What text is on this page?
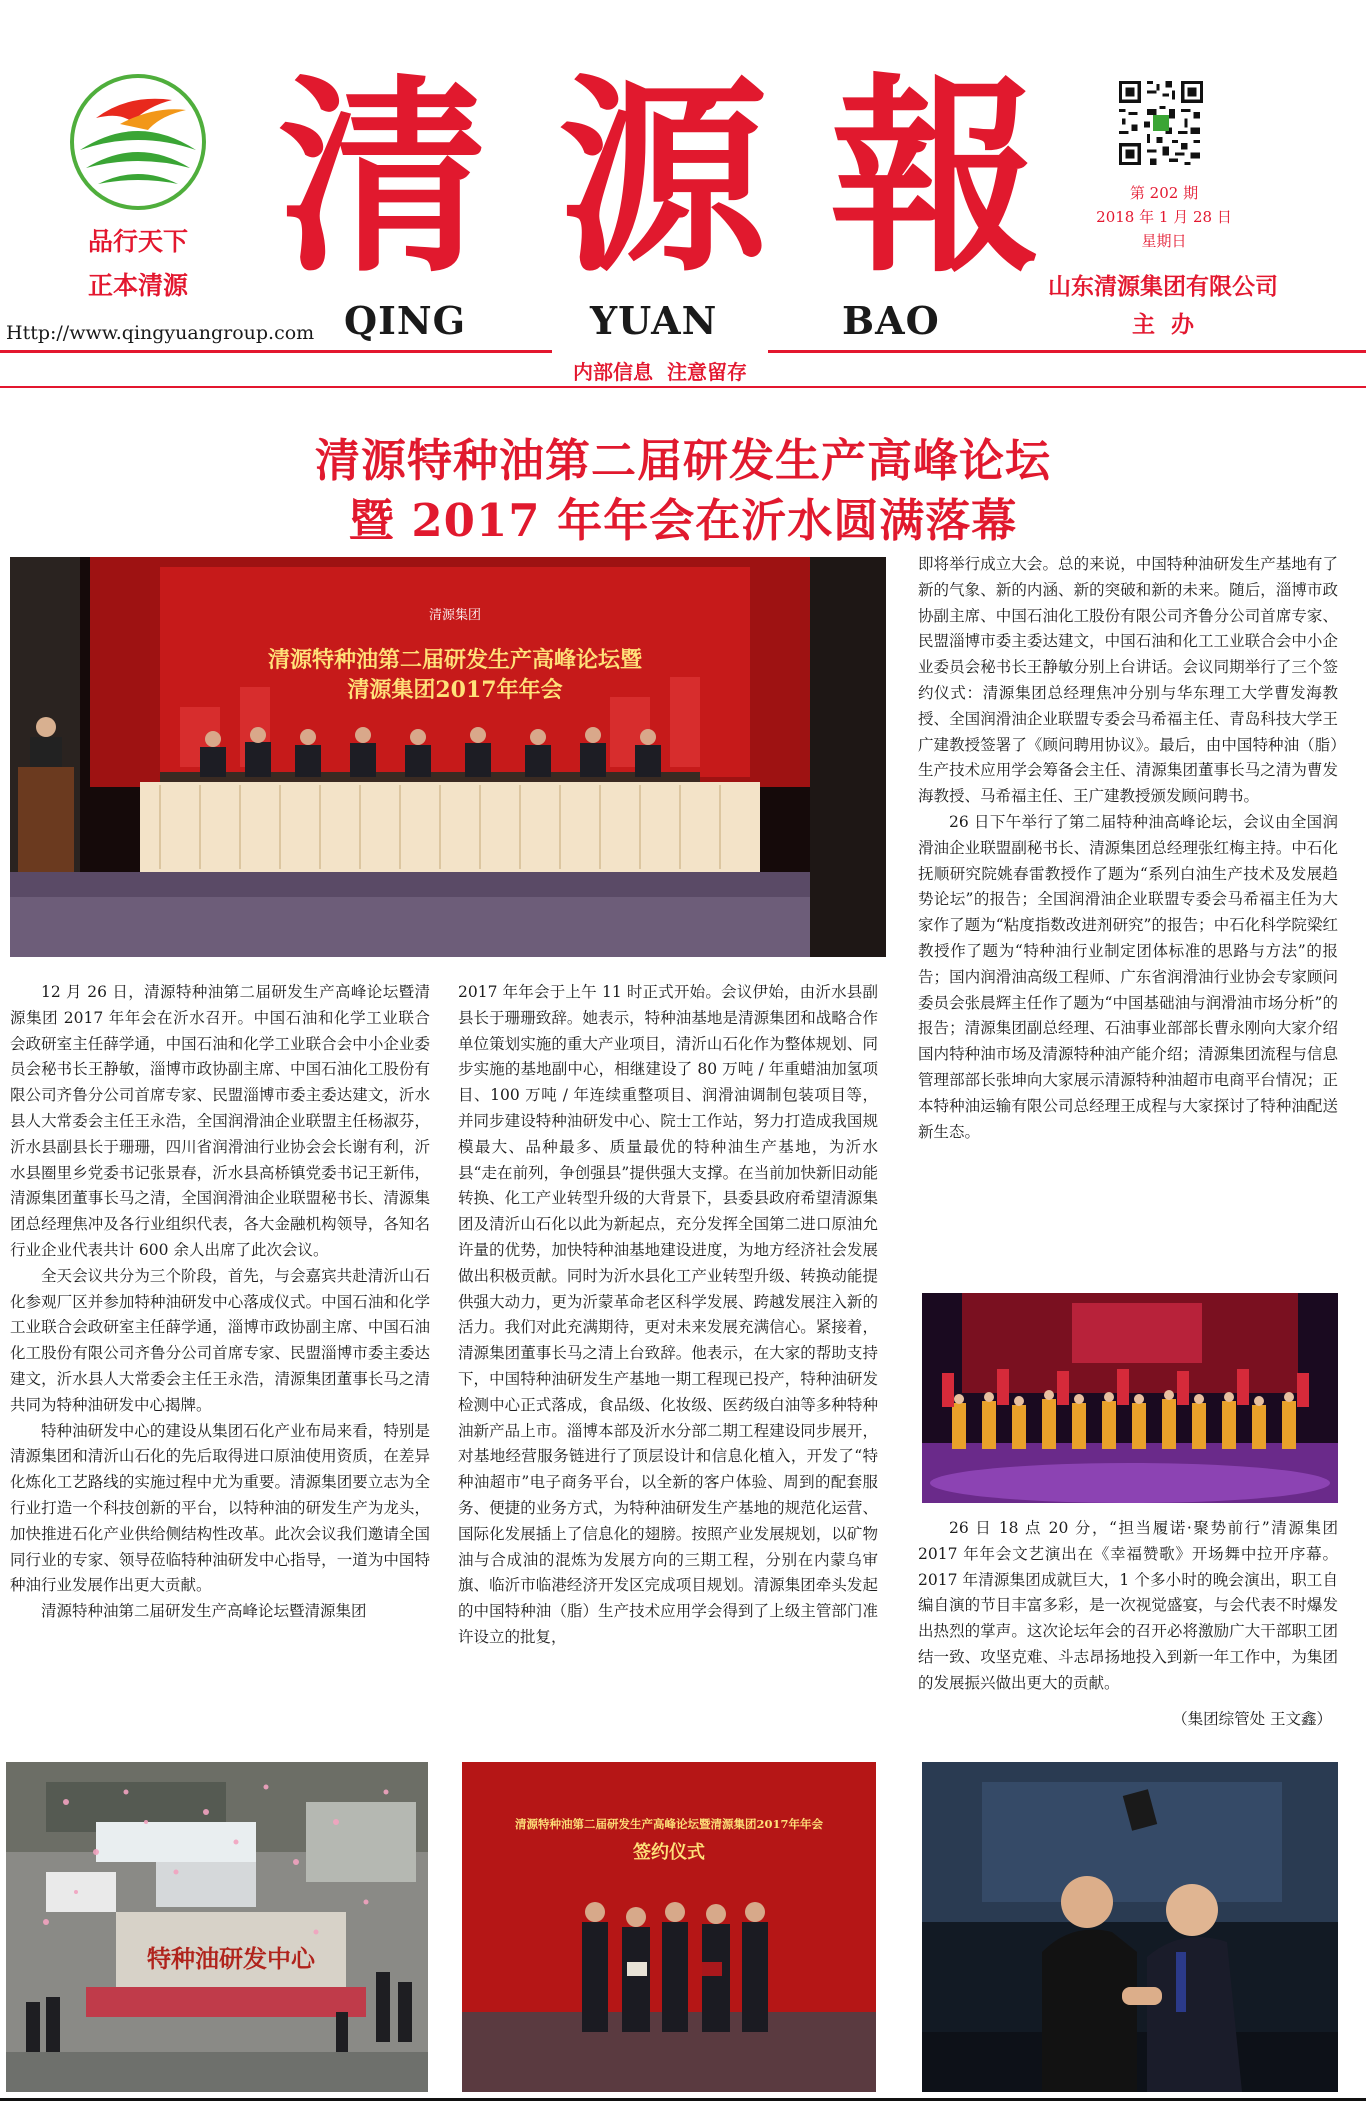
品行天下
正本清源
Http://www.qingyuangroup.com
清 源 報
QING	YUAN	BAO
第 202 期
2018 年 1 月 28 日
星期日
山东清源集团有限公司
主  办
内部信息  注意留存
清源特种油第二届研发生产高峰论坛
暨 2017 年年会在沂水圆满落幕
清源集团
清源特种油第二届研发生产高峰论坛暨
清源集团2017年年会

12 月 26 日，清源特种油第二届研发生产高峰论坛暨清源集团 2017 年年会在沂水召开。中国石油和化学工业联合会政研室主任薛学通，中国石油和化学工业联合会中小企业委员会秘书长王静敏，淄博市政协副主席、中国石油化工股份有限公司齐鲁分公司首席专家、民盟淄博市委主委达建文，沂水县人大常委会主任王永浩，全国润滑油企业联盟主任杨淑芬，沂水县副县长于珊珊，四川省润滑油行业协会会长谢有利，沂水县圈里乡党委书记张景春，沂水县高桥镇党委书记王新伟，清源集团董事长马之清，全国润滑油企业联盟秘书长、清源集团总经理焦冲及各行业组织代表，各大金融机构领导，各知名行业企业代表共计 600 余人出席了此次会议。

全天会议共分为三个阶段，首先，与会嘉宾共赴清沂山石化参观厂区并参加特种油研发中心落成仪式。中国石油和化学工业联合会政研室主任薛学通，淄博市政协副主席、中国石油化工股份有限公司齐鲁分公司首席专家、民盟淄博市委主委达建文，沂水县人大常委会主任王永浩，清源集团董事长马之清共同为特种油研发中心揭牌。

特种油研发中心的建设从集团石化产业布局来看，特别是清源集团和清沂山石化的先后取得进口原油使用资质，在差异化炼化工艺路线的实施过程中尤为重要。清源集团要立志为全行业打造一个科技创新的平台，以特种油的研发生产为龙头，加快推进石化产业供给侧结构性改革。此次会议我们邀请全国同行业的专家、领导莅临特种油研发中心指导，一道为中国特种油行业发展作出更大贡献。

清源特种油第二届研发生产高峰论坛暨清源集团

特种油研发中心

2017 年年会于上午 11 时正式开始。会议伊始，由沂水县副县长于珊珊致辞。她表示，特种油基地是清源集团和战略合作单位策划实施的重大产业项目，清沂山石化作为整体规划、同步实施的基地副中心，相继建设了 80 万吨 / 年重蜡油加氢项目、100 万吨 / 年连续重整项目、润滑油调制包装项目等，并同步建设特种油研发中心、院士工作站，努力打造成我国规模最大、品种最多、质量最优的特种油生产基地，为沂水县“走在前列，争创强县”提供强大支撑。在当前加快新旧动能转换、化工产业转型升级的大背景下，县委县政府希望清源集团及清沂山石化以此为新起点，充分发挥全国第二进口原油允许量的优势，加快特种油基地建设进度，为地方经济社会发展做出积极贡献。同时为沂水县化工产业转型升级、转换动能提供强大动力，更为沂蒙革命老区科学发展、跨越发展注入新的活力。我们对此充满期待，更对未来发展充满信心。紧接着，清源集团董事长马之清上台致辞。他表示，在大家的帮助支持下，中国特种油研发生产基地一期工程现已投产，特种油研发检测中心正式落成，食品级、化妆级、医药级白油等多种特种油新产品上市。淄博本部及沂水分部二期工程建设同步展开，对基地经营服务链进行了顶层设计和信息化植入，开发了“特种油超市”电子商务平台，以全新的客户体验、周到的配套服务、便捷的业务方式，为特种油研发生产基地的规范化运营、国际化发展插上了信息化的翅膀。按照产业发展规划，以矿物油与合成油的混炼为发展方向的三期工程，分别在内蒙乌审旗、临沂市临港经济开发区完成项目规划。清源集团牵头发起的中国特种油（脂）生产技术应用学会得到了上级主管部门准许设立的批复，

清源特种油第二届研发生产高峰论坛暨清源集团2017年年会
签约仪式

即将举行成立大会。总的来说，中国特种油研发生产基地有了新的气象、新的内涵、新的突破和新的未来。随后，淄博市政协副主席、中国石油化工股份有限公司齐鲁分公司首席专家、民盟淄博市委主委达建文，中国石油和化工工业联合会中小企业委员会秘书长王静敏分别上台讲话。会议同期举行了三个签约仪式：清源集团总经理焦冲分别与华东理工大学曹发海教授、全国润滑油企业联盟专委会马希福主任、青岛科技大学王广建教授签署了《顾问聘用协议》。最后，由中国特种油（脂）生产技术应用学会筹备会主任、清源集团董事长马之清为曹发海教授、马希福主任、王广建教授颁发顾问聘书。

26 日下午举行了第二届特种油高峰论坛，会议由全国润滑油企业联盟副秘书长、清源集团总经理张红梅主持。中石化抚顺研究院姚春雷教授作了题为“系列白油生产技术及发展趋势论坛”的报告；全国润滑油企业联盟专委会马希福主任为大家作了题为“粘度指数改进剂研究”的报告；中石化科学院梁红教授作了题为“特种油行业制定团体标准的思路与方法”的报告；国内润滑油高级工程师、广东省润滑油行业协会专家顾问委员会张晨辉主任作了题为“中国基础油与润滑油市场分析”的报告；清源集团副总经理、石油事业部部长曹永刚向大家介绍国内特种油市场及清源特种油产能介绍；清源集团流程与信息管理部部长张坤向大家展示清源特种油超市电商平台情况；正本特种油运输有限公司总经理王成程与大家探讨了特种油配送新生态。

26 日 18 点 20 分，“担当履诺·聚势前行”清源集团 2017 年年会文艺演出在《幸福赞歌》开场舞中拉开序幕。2017 年清源集团成就巨大，1 个多小时的晚会演出，职工自编自演的节目丰富多彩，是一次视觉盛宴，与会代表不时爆发出热烈的掌声。这次论坛年会的召开必将激励广大干部职工团结一致、攻坚克难、斗志昂扬地投入到新一年工作中，为集团的发展振兴做出更大的贡献。

（集团综管处 王文鑫）
